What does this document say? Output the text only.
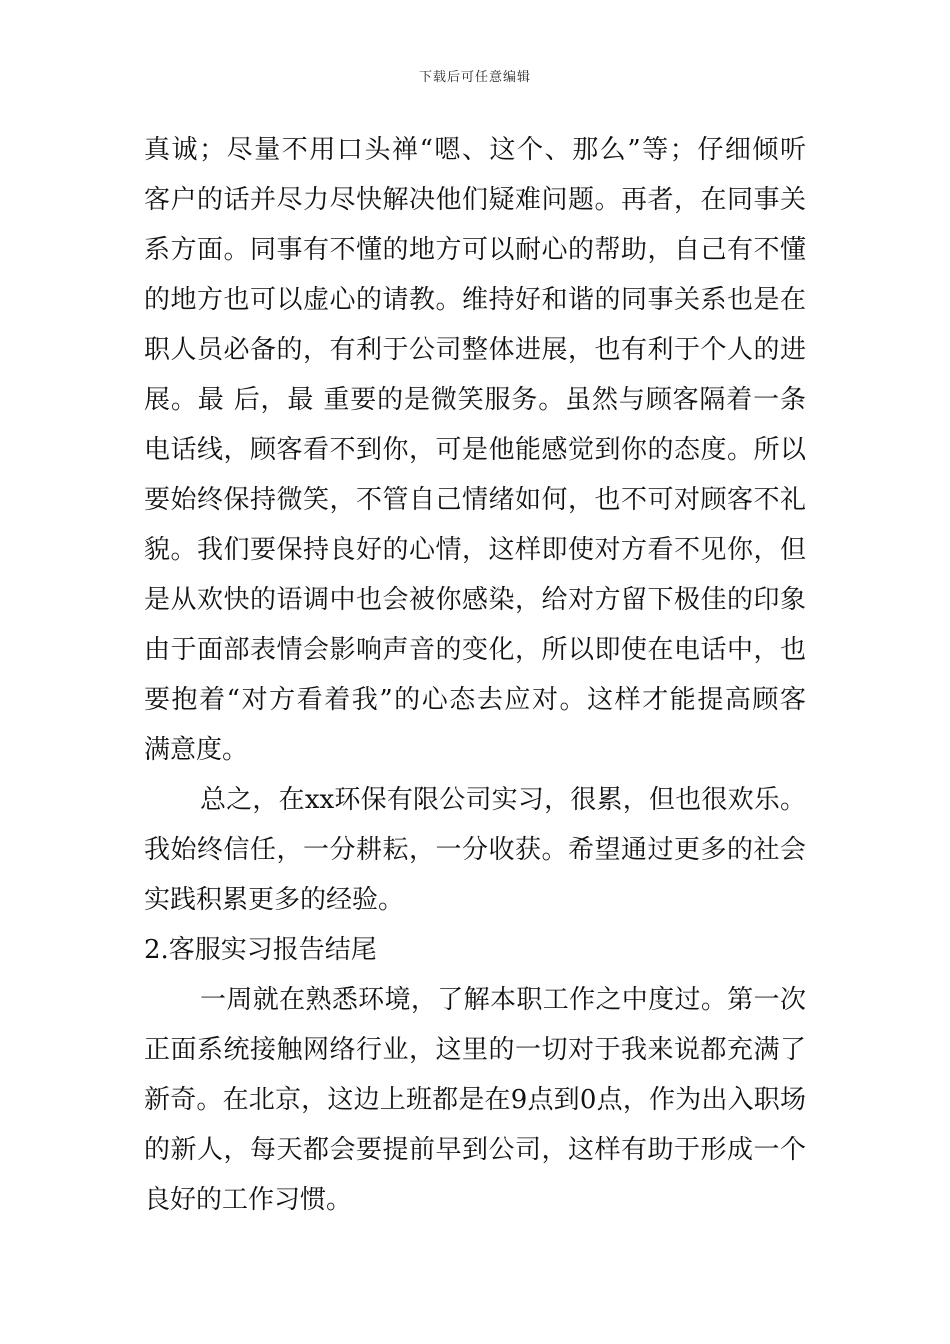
下载后可任意编辑
真诚；尽量不用口头禅“嗯、这个、那么”等；仔细倾听
客户的话并尽力尽快解决他们疑难问题。再者，在同事关
系方面。同事有不懂的地方可以耐心的帮助，自己有不懂
的地方也可以虚心的请教。维持好和谐的同事关系也是在
职人员必备的，有利于公司整体进展，也有利于个人的进
展。最 后，最 重要的是微笑服务。虽然与顾客隔着一条
电话线，顾客看不到你，可是他能感觉到你的态度。所以
要始终保持微笑，不管自己情绪如何，也不可对顾客不礼
貌。我们要保持良好的心情，这样即使对方看不见你，但
是从欢快的语调中也会被你感染，给对方留下极佳的印象
由于面部表情会影响声音的变化，所以即使在电话中，也
要抱着“对方看着我”的心态去应对。这样才能提高顾客
满意度。
总之，在xx环保有限公司实习，很累，但也很欢乐。
我始终信任，一分耕耘，一分收获。希望通过更多的社会
实践积累更多的经验。
2.客服实习报告结尾
一周就在熟悉环境，了解本职工作之中度过。第一次
正面系统接触网络行业，这里的一切对于我来说都充满了
新奇。在北京，这边上班都是在9点到0点，作为出入职场
的新人，每天都会要提前早到公司，这样有助于形成一个
良好的工作习惯。
